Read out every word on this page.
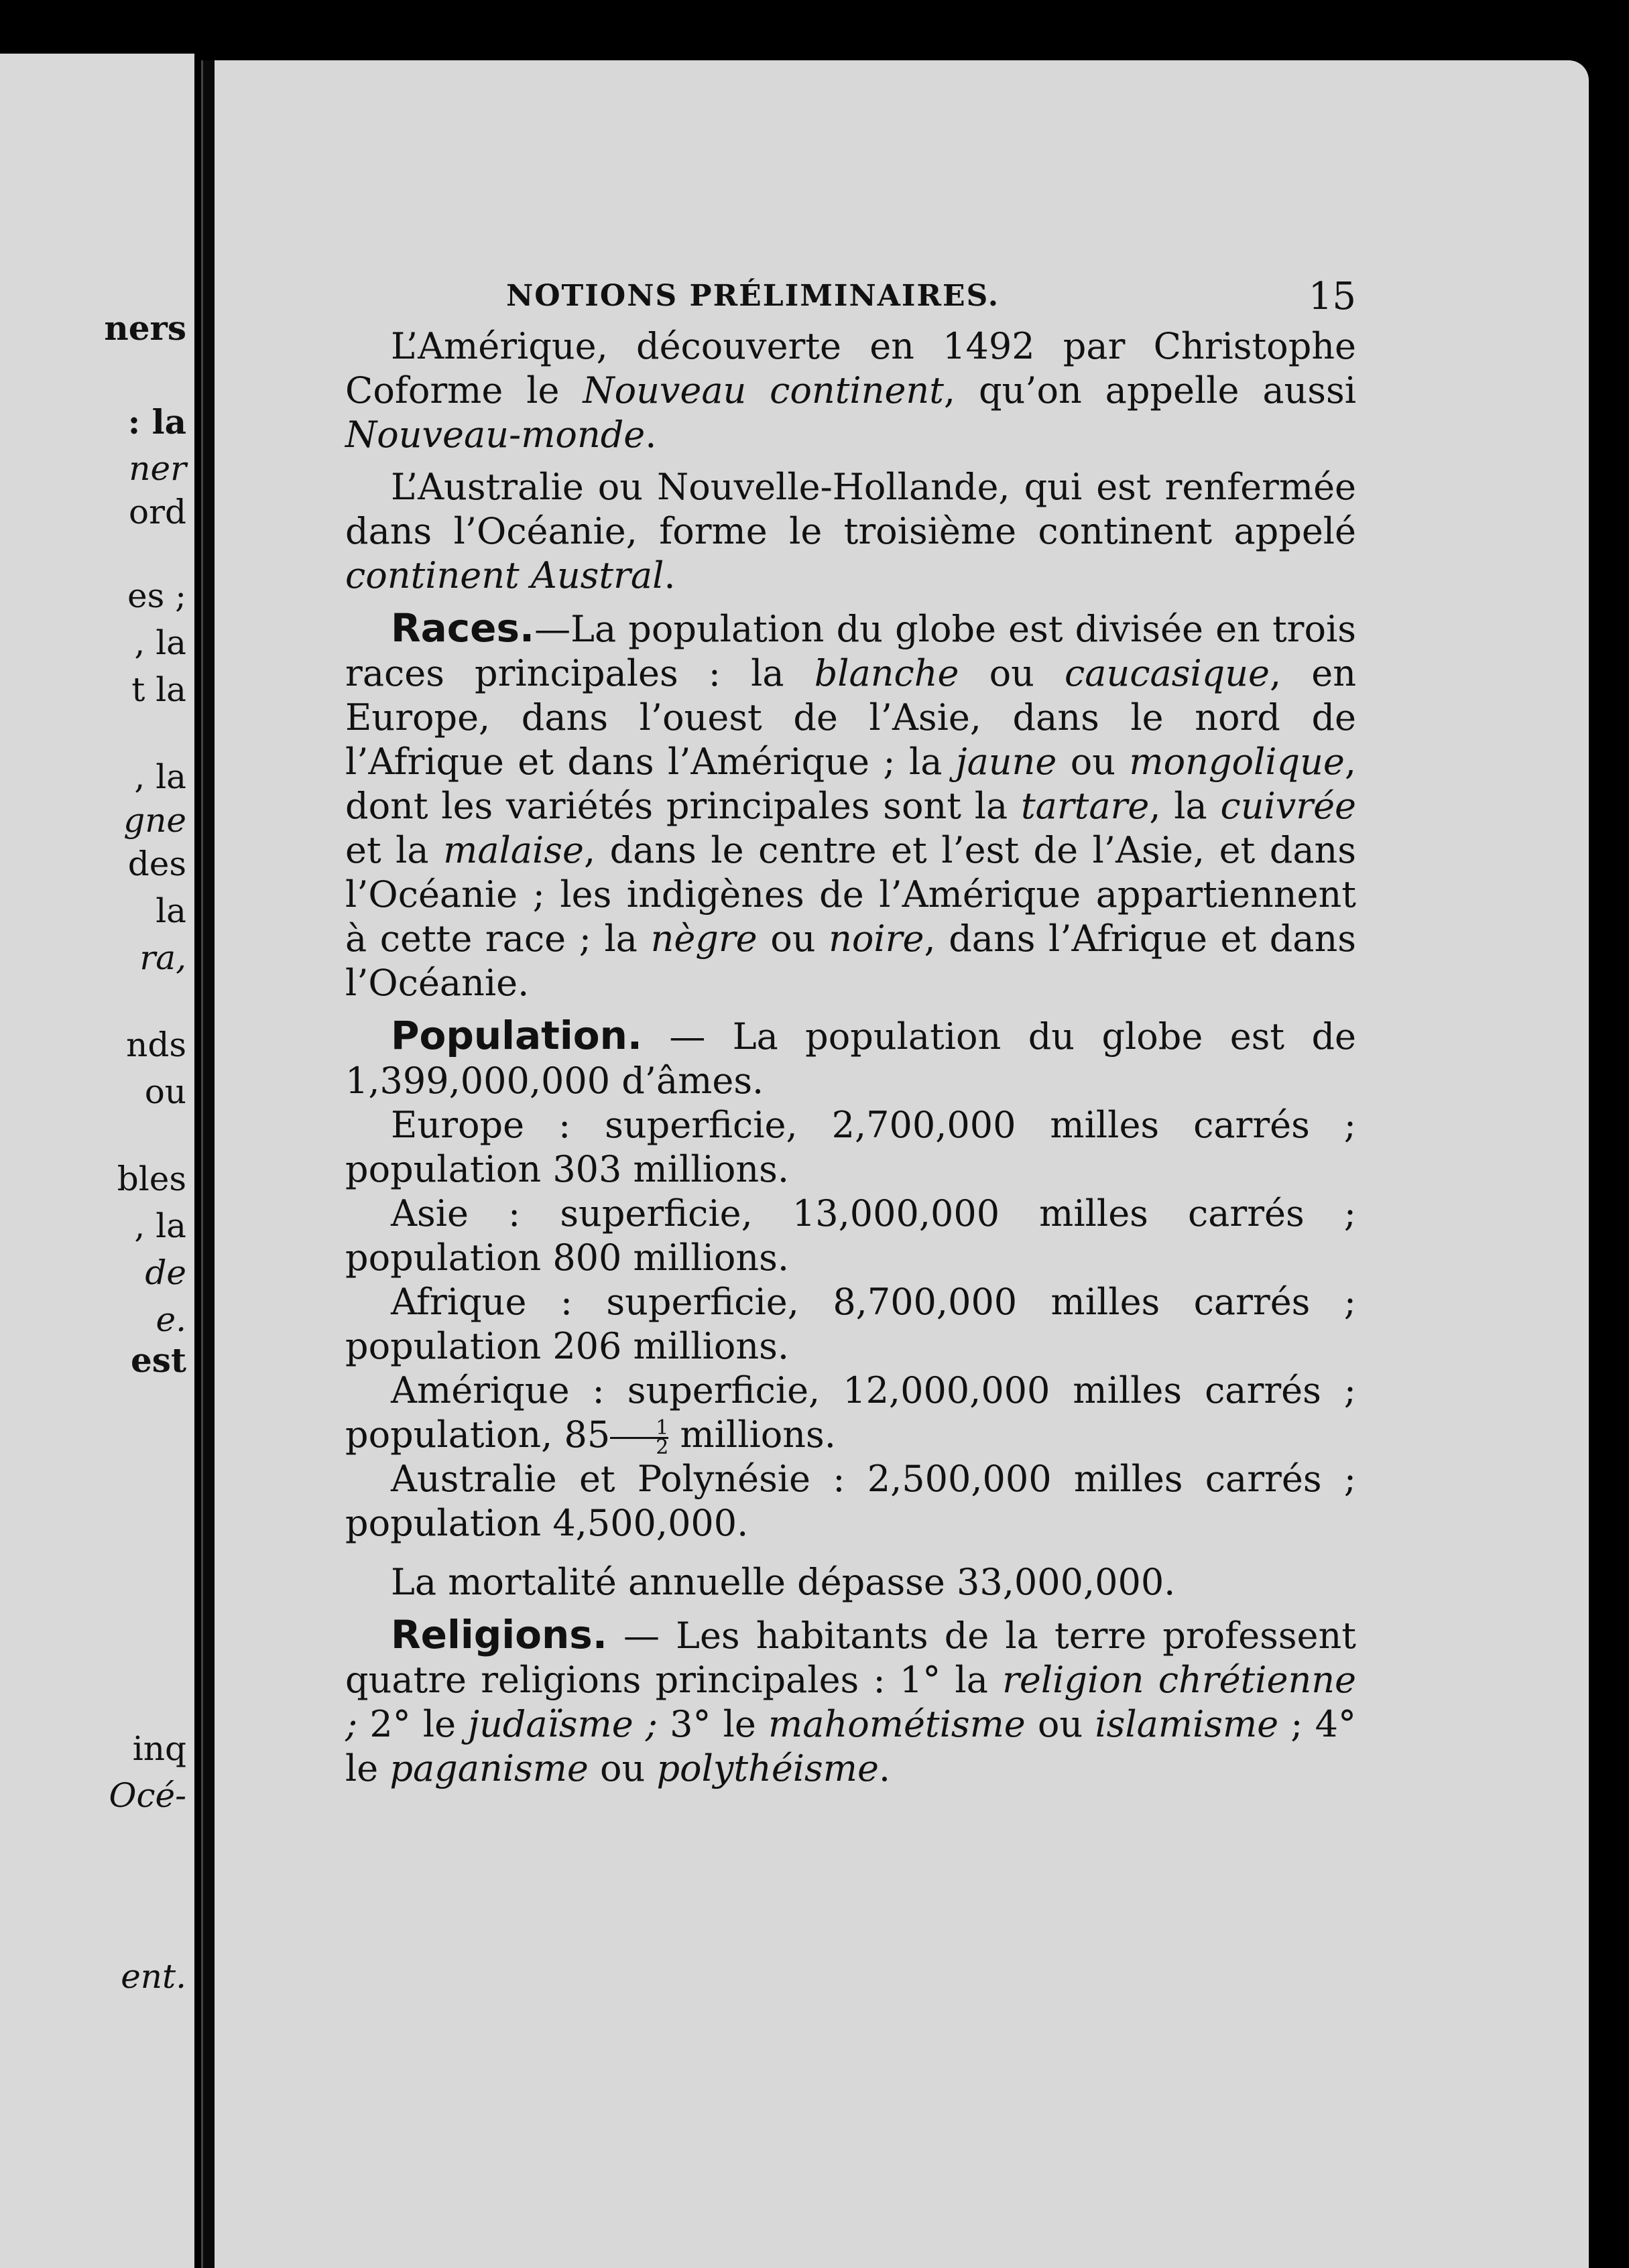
ners
: la
ner
ord
es ;
, la
t la
, la
gne
des
la
ra,
nds
ou
bles
, la
de
e.
est
inq
Océ-
ent.
NOTIONS PRÉLIMINAIRES.	15

L’Amérique, découverte en 1492 par Christophe Coforme le Nouveau continent, qu’on appelle aussi Nouveau-monde.

L’Australie ou Nouvelle-Hollande, qui est renfermée dans l’Océanie, forme le troisième continent appelé continent Austral.

Races.—La population du globe est divisée en trois races principales : la blanche ou caucasique, en Europe, dans l’ouest de l’Asie, dans le nord de l’Afrique et dans l’Amérique ; la jaune ou mongolique, dont les variétés principales sont la tartare, la cuivrée et la malaise, dans le centre et l’est de l’Asie, et dans l’Océanie ; les indigènes de l’Amérique appartiennent à cette race ; la nègre ou noire, dans l’Afrique et dans l’Océanie.

Population. — La population du globe est de 1,399,000,000 d’âmes.

Europe : superficie, 2,700,000 milles carrés ; population 303 millions.

Asie : superficie, 13,000,000 milles carrés ; population 800 millions.

Afrique : superficie, 8,700,000 milles carrés ; population 206 millions.

Amérique : superficie, 12,000,000 milles carrés ; population, $85 \frac{1}{2}$ millions.

Australie et Polynésie : 2,500,000 milles carrés ; population 4,500,000.

La mortalité annuelle dépasse 33,000,000.

Religions. — Les habitants de la terre professent quatre religions principales : 1° la religion chrétienne ; 2° le judaïsme ; 3° le mahométisme ou islamisme ; 4° le paganisme ou polythéisme.
